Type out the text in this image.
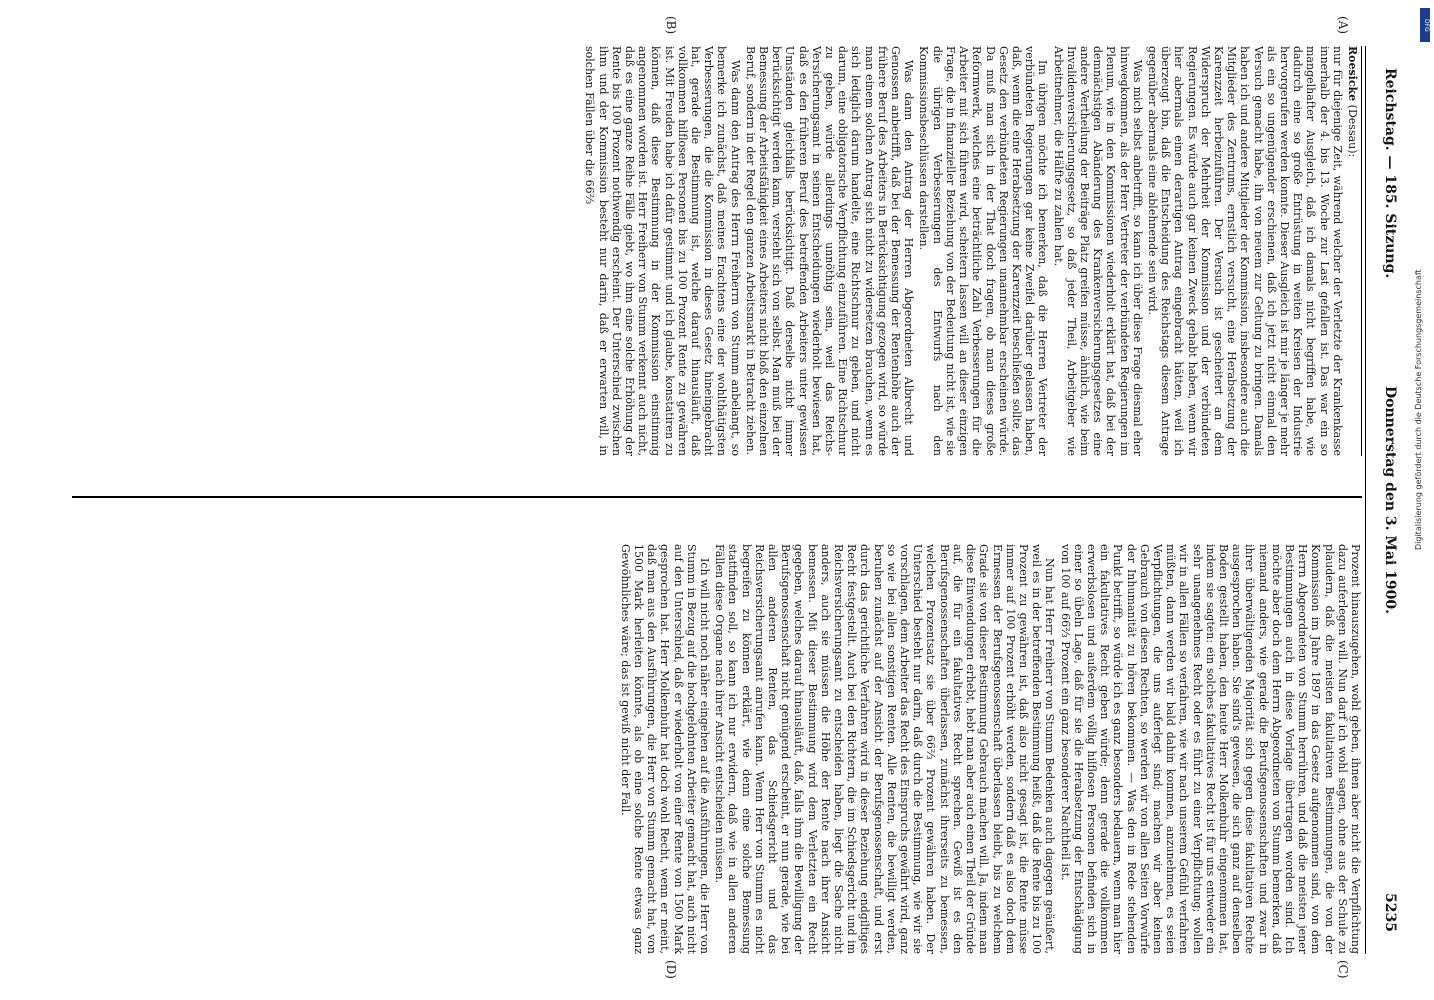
Reichstag. — 185. Sitzung.
Donnerstag den 3. Mai 1900.
5235
Roesicke (Dessau):

nur für diejenige Zeit, während welcher der Verletzte der Krankenkasse innerhalb der 4. bis 13. Woche zur Last gefallen ist. Das war ein so mangelhafter Ausgleich, daß ich damals nicht begriffen habe, wie dadurch eine so große Entrüstung in weiten Kreisen der Industrie hervorgerufen werden konnte. Dieser Ausgleich ist mir je länger je mehr als ein so ungenügender erschienen, daß ich jetzt nicht einmal den Versuch gemacht habe, ihn von neuem zur Geltung zu bringen. Damals haben ich und andere Mitglieder der Kommission, insbesondere auch die Mitglieder des Zentrums, ernstlich versucht, eine Herabsetzung der Karenzzeit herbeizuführen. Der Versuch ist gescheitert an dem Widerspruch der Mehrheit der Kommission und der verbündeten Regierungen. Es würde auch gar keinen Zweck gehabt haben, wenn wir hier abermals einen derartigen Antrag eingebracht hätten, weil ich überzeugt bin, daß die Entscheidung des Reichstags diesem Antrage gegenüber abermals eine ablehnende sein wird.

Was mich selbst anbetrifft, so kann ich über diese Frage diesmal eher hinwegkommen, als der Herr Vertreter der verbündeten Regierungen im Plenum, wie in den Kommissionen wiederholt erklärt hat, daß bei der demnächstigen Abänderung des Krankenversicherungsgesetzes eine andere Vertheilung der Beiträge Platz greifen müsse, ähnlich, wie beim Invalidenversicherungsgesetz, so daß jeder Theil, Arbeitgeber wie Arbeitnehmer, die Hälfte zu zahlen hat.

Im übrigen möchte ich bemerken, daß die Herren Vertreter der verbündeten Regierungen gar keine Zweifel darüber gelassen haben, daß, wenn die eine Herabsetzung der Karenzzeit beschließen sollte, das Gesetz den verbündeten Regierungen unannehmbar erscheinen würde. Da muß man sich in der That doch fragen, ob man dieses große Reformwerk, welches eine beträchtliche Zahl Verbesserungen für die Arbeiter mit sich führen wird, scheitern lassen will an dieser einzigen Frage, die in finanzieller Beziehung von der Bedeutung nicht ist, wie sie die übrigen Verbesserungen des Entwurfs nach den Kommissionsbeschlüssen darstellen.

Was dann den Antrag der Herren Abgeordneten Albrecht und Genossen anbetrifft, daß bei der Bemessung der Rentenhöhe auch der frühere Beruf des Arbeiters in Berücksichtigung gezogen wird, so würde man einem solchen Antrag sich nicht zu widersetzen brauchen, wenn es sich lediglich darum handelte, eine Richtschnur zu geben, und nicht darum, eine obligatorische Verpflichtung einzuführen. Eine Richtschnur zu geben, würde allerdings unnöthig sein, weil das Reichs-Versicherungsamt in seinen Entscheidungen wiederholt bewiesen hat, daß es den früheren Beruf des betreffenden Arbeiters unter gewissen Umständen gleichfalls berücksichtigt. Daß derselbe nicht immer berücksichtigt werden kann, versteht sich von selbst. Man muß bei der Bemessung der Arbeitsfähigkeit eines Arbeiters nicht bloß den einzelnen Beruf, sondern in der Regel den ganzen Arbeitsmarkt in Betracht ziehen.

Was dann den Antrag des Herrn Freiherrn von Stumm anbelangt, so bemerke ich zunächst, daß meines Erachtens eine der wohlthätigsten Verbesserungen, die die Kommission in dieses Gesetz hineingebracht hat, gerade die Bestimmung ist, welche darauf hinausläuft, daß vollkommen hilflosen Personen bis zu 100 Prozent Rente zu gewähren ist. Mit Freuden habe ich dafür gestimmt und ich glaube, konstatiren zu können, daß diese Bestimmung in der Kommission einstimmig angenommen worden ist. Herr Freiherr von Stumm verkennt auch nicht, daß es eine ganze Reihe Fälle giebt, wo ihm eine solche Erhöhung der Rente bis 100 Prozent nothwendig erscheint. Der Unterschied zwischen ihm und der Kommission besteht nur darin, daß er erwarten will, in solchen Fällen über die 66⅔

Prozent hinauszugehen, wohl geben, ihnen aber nicht die Verpflichtung dazu auferlegen will. Nun darf ich wohl sagen, ohne aus der Schule zu plaudern, daß die meisten fakultativen Bestimmungen, die von der Kommission im Jahre 1897 in das Gesetz aufgenommen sind, von dem Herrn Abgeordneten von Stumm herrühren, und daß die meisten jener Bestimmungen auch in diese Vorlage übertragen worden sind. Ich möchte aber doch dem Herrn Abgeordneten von Stumm bemerken, daß niemand anders, wie gerade die Berufsgenossenschaften und zwar in ihrer überwältigenden Majorität sich gegen diese fakultativen Rechte ausgesprochen haben. Sie sind's gewesen, die sich ganz auf denselben Boden gestellt haben, den heute Herr Molkenbuhr eingenommen hat, indem sie sagten: ein solches fakultatives Recht ist für uns entweder ein sehr unangenehmes Recht oder es führt zu einer Verpflichtung; wollen wir in allen Fällen so verfahren, wie wir nach unserem Gefühl verfahren müßten, dann werden wir bald dahin kommen, anzunehmen, es seien Verpflichtungen, die uns auferlegt sind; machen wir aber keinen Gebrauch von diesen Rechten, so werden wir von allen Seiten Vorwürfe der Inhumanität zu hören bekommen. — Was den in Rede stehenden Punkt betrifft, so würde ich es ganz besonders bedauern, wenn man hier ein fakultatives Recht geben würde; denn gerade die vollkommen erwerbslosen und außerdem völlig hilflosen Personen befinden sich in einer so übeln Lage, daß für sie die Herabsetzung der Entschädigung von 100 auf 66⅔ Prozent ein ganz besonderer Nachtheil ist.

Nun hat Herr Freiherr von Stumm Bedenken auch dagegen geäußert, weil es in der betreffenden Bestimmung heißt, daß die Rente bis zu 100 Prozent zu gewähren ist, daß also nicht gesagt ist, die Rente müsse immer auf 100 Prozent erhöht werden, sondern daß es also doch dem Ermessen der Berufsgenossenschaft überlassen bleibt, bis zu welchem Grade sie von dieser Bestimmung Gebrauch machen will. Ja, indem man diese Einwendungen erhebt, hebt man aber auch einen Theil der Gründe auf, die für ein fakultatives Recht sprechen. Gewiß ist es den Berufsgenossenschaften überlassen, zunächst ihrerseits zu bemessen, welchen Prozentsatz sie über 66⅔ Prozent gewähren haben. Der Unterschied besteht nur darin, daß durch die Bestimmung, wie wir sie vorschlagen, dem Arbeiter das Recht des Einspruchs gewährt wird, ganz so wie bei allen sonstigen Renten. Alle Renten, die bewilligt werden, beruhen zunächst auf der Ansicht der Berufsgenossenschaft, und erst durch das gerichtliche Verfahren wird in dieser Beziehung endgiltiges Recht festgestellt. Auch bei den Richtern, die im Schiedsgericht und im Reichsversicherungsamt zu entscheiden haben, liegt die Sache nicht anders, auch sie müssen die Höhe der Rente nach ihrer Ansicht bemessen. Mit dieser Bestimmung wird dem Verletzten ein Recht gegeben, welches darauf hinausläuft, daß, falls ihm die Bewilligung der Berufsgenossenschaft nicht genügend erscheint, er nun gerade, wie bei allen anderen Renten, das Schiedsgericht und das Reichsversicherungsamt anrufen kann. Wenn Herr von Stumm es nicht begreifen zu können erklärt, wie denn eine solche Bemessung stattfinden soll, so kann ich nur erwidern, daß wie in allen anderen Fällen diese Organe nach ihrer Ansicht entscheiden müssen.

Ich will nicht noch näher eingehen auf die Ausführungen, die Herr von Stumm in Bezug auf die hochgelohnten Arbeiter gemacht hat, auch nicht auf den Unterschied, daß er wiederholt von einer Rente von 1500 Mark gesprochen hat. Herr Molkenbuhr hat doch wohl Recht, wenn er meint, daß man aus den Ausführungen, die Herr von Stumm gemacht hat, von 1500 Mark herleiten könnte, als ob eine solche Rente etwas ganz Gewöhnliches wäre; das ist gewiß nicht der Fall.

(A)
(B)
(C)
(D)
DFG
Digitalisierung gefördert durch die Deutsche Forschungsgemeinschaft
